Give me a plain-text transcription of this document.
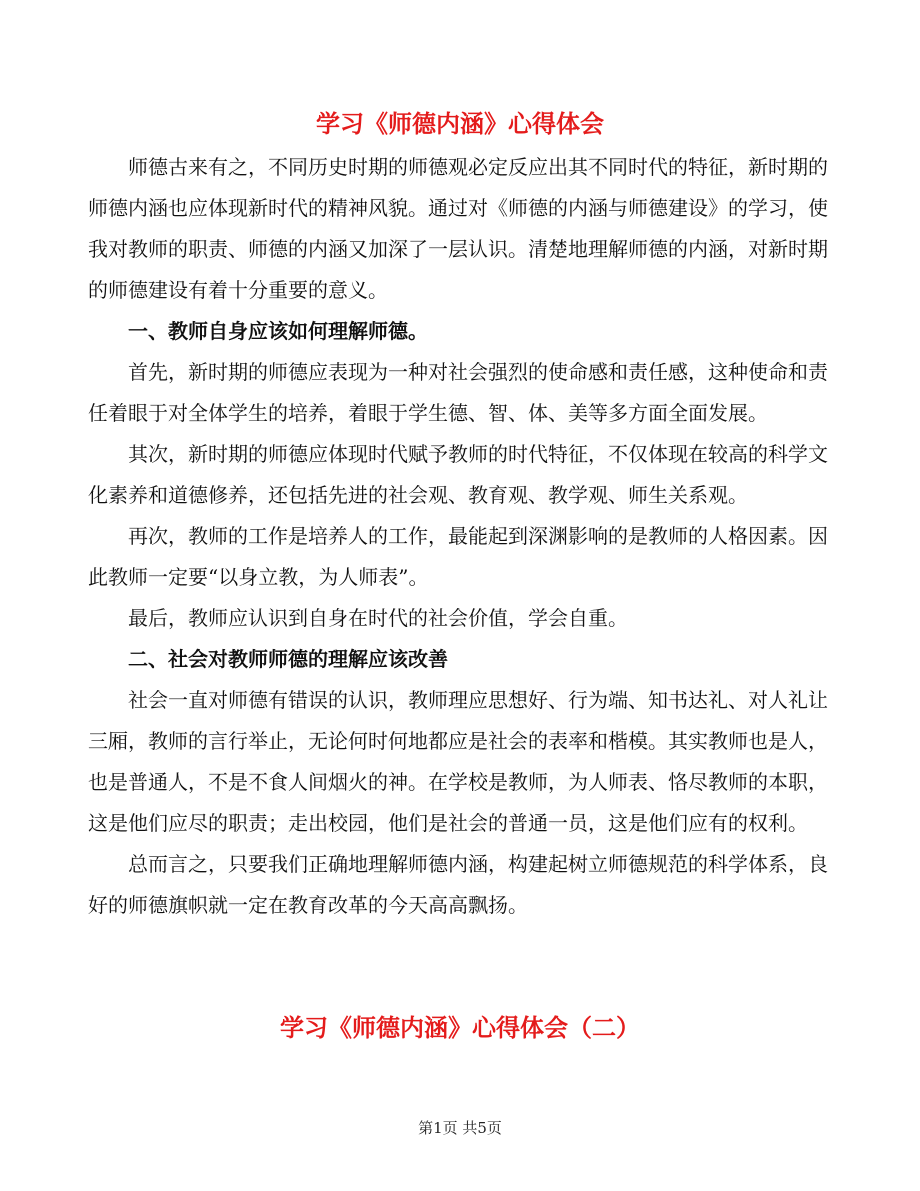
学习《师德内涵》心得体会

师德古来有之，不同历史时期的师德观必定反应出其不同时代的特征，新时期的师德内涵也应体现新时代的精神风貌。通过对《师德的内涵与师德建设》的学习，使我对教师的职责、师德的内涵又加深了一层认识。清楚地理解师德的内涵，对新时期的师德建设有着十分重要的意义。

一、教师自身应该如何理解师德。

首先，新时期的师德应表现为一种对社会强烈的使命感和责任感，这种使命和责任着眼于对全体学生的培养，着眼于学生德、智、体、美等多方面全面发展。

其次，新时期的师德应体现时代赋予教师的时代特征，不仅体现在较高的科学文化素养和道德修养，还包括先进的社会观、教育观、教学观、师生关系观。

再次，教师的工作是培养人的工作，最能起到深渊影响的是教师的人格因素。因此教师一定要“以身立教，为人师表”。

最后，教师应认识到自身在时代的社会价值，学会自重。

二、社会对教师师德的理解应该改善

社会一直对师德有错误的认识，教师理应思想好、行为端、知书达礼、对人礼让三厢，教师的言行举止，无论何时何地都应是社会的表率和楷模。其实教师也是人，也是普通人，不是不食人间烟火的神。在学校是教师，为人师表、恪尽教师的本职，这是他们应尽的职责；走出校园，他们是社会的普通一员，这是他们应有的权利。

总而言之，只要我们正确地理解师德内涵，构建起树立师德规范的科学体系，良好的师德旗帜就一定在教育改革的今天高高飘扬。

学习《师德内涵》心得体会（二）
第1页 共5页
